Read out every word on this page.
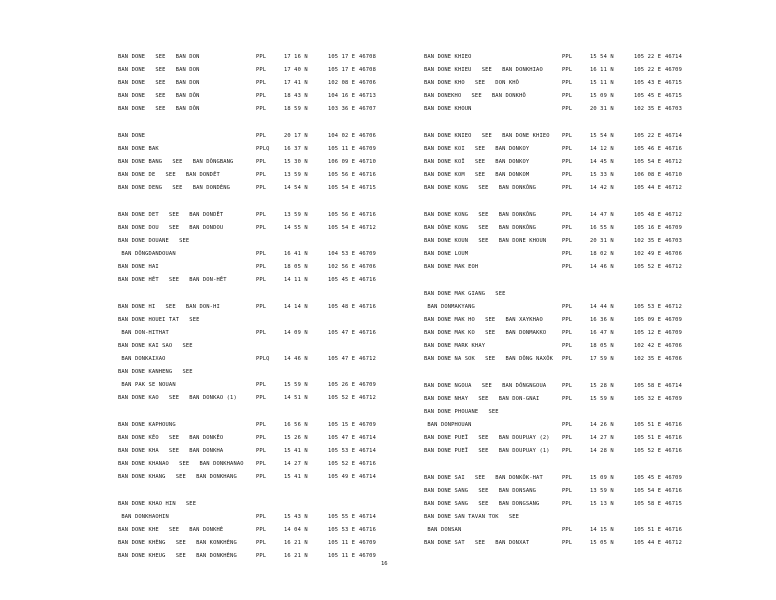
BAN DONE   SEE   BAN DON	PPL	17 16 N	105 17 E 46708
BAN DONE   SEE   BAN DON	PPL	17 40 N	105 17 E 46708
BAN DONE   SEE   BAN DON	PPL	17 41 N	102 08 E 46706
BAN DONE   SEE   BAN DÔN	PPL	18 43 N	104 16 E 46713
BAN DONE   SEE   BAN DÔN	PPL	18 59 N	103 36 E 46707
BAN DONE	PPL	20 17 N	104 02 E 46706
BAN DONE BAK	PPLQ	16 37 N	105 11 E 46709
BAN DONE BANG   SEE   BAN DÔNGBANG	PPL	15 30 N	106 09 E 46710
BAN DONE DE   SEE   BAN DONDÊT	PPL	13 59 N	105 56 E 46716
BAN DONE DENG   SEE   BAN DONDÈNG	PPL	14 54 N	105 54 E 46715
BAN DONE DET   SEE   BAN DONDÊT	PPL	13 59 N	105 56 E 46716
BAN DONE DOU   SEE   BAN DONDOU	PPL	14 55 N	105 54 E 46712
BAN DONE DOUANE   SEE
BAN DÔNGDANDOUAN	PPL	16 41 N	104 53 E 46709
BAN DONE HAI	PPL	18 05 N	102 56 E 46706
BAN DONE HÊT   SEE   BAN DON-HÊT	PPL	14 11 N	105 45 E 46716
BAN DONE HI   SEE   BAN DON-HI	PPL	14 14 N	105 48 E 46716
BAN DONE HOUEI TAT   SEE
BAN DON-HITHAT	PPL	14 09 N	105 47 E 46716
BAN DONE KAI SAO   SEE
BAN DONKAIXAO	PPLQ	14 46 N	105 47 E 46712
BAN DONE KANHENG   SEE
BAN PAK SE NOUAN	PPL	15 59 N	105 26 E 46709
BAN DONE KAO   SEE   BAN DONKAO (1)	PPL	14 51 N	105 52 E 46712
BAN DONE KAPHOUNG	PPL	16 56 N	105 15 E 46709
BAN DONE KÊO   SEE   BAN DONKÊO	PPL	15 26 N	105 47 E 46714
BAN DONE KHA   SEE   BAN DONKHA	PPL	15 41 N	105 53 E 46714
BAN DONE KHANAO   SEE   BAN DONKHANAO PPL	14 27 N	105 52 E 46716
BAN DONE KHANG   SEE   BAN DONKHANG	PPL	15 41 N	105 49 E 46714
BAN DONE KHAO HIN   SEE
BAN DONKHAOHIN	PPL	15 43 N	105 55 E 46714
BAN DONE KHE   SEE   BAN DONKHÈ	PPL	14 04 N	105 53 E 46716
BAN DONE KHÈNG   SEE   BAN KONKHÈNG	PPL	16 21 N	105 11 E 46709
BAN DONE KHEUG   SEE   BAN DONKHÈNG	PPL	16 21 N	105 11 E 46709
BAN DONE KHIEO	PPL	15 54 N	105 22 E 46714
BAN DONE KHIEU   SEE   BAN DONKHIAO	PPL	16 11 N	105 22 E 46709
BAN DONE KHO   SEE   DON KHÔ	PPL	15 11 N	105 43 E 46715
BAN DONEKHO   SEE   BAN DONKHÔ	PPL	15 09 N	105 45 E 46715
BAN DONE KHOUN	PPL	20 31 N	102 35 E 46703
BAN DONE KNIEO   SEE   BAN DONE KHIEO PPL	15 54 N	105 22 E 46714
BAN DONE KOI   SEE   BAN DONKOY	PPL	14 12 N	105 46 E 46716
BAN DONE KOÏ   SEE   BAN DONKOY	PPL	14 45 N	105 54 E 46712
BAN DONE KOM   SEE   BAN DONKOM	PPL	15 33 N	106 08 E 46710
BAN DONE KONG   SEE   BAN DONKÔNG	PPL	14 42 N	105 44 E 46712
BAN DONE KONG   SEE   BAN DONKÔNG	PPL	14 47 N	105 48 E 46712
BAN DÔNE KONG   SEE   BAN DONKÔNG	PPL	16 55 N	105 16 E 46709
BAN DONE KOUN   SEE   BAN DONE KHOUN	PPL	20 31 N	102 35 E 46703
BAN DONE LOUM	PPL	18 02 N	102 49 E 46706
BAN DONE MAK EOH	PPL	14 46 N	105 52 E 46712
BAN DONE MAK GIANG   SEE
BAN DONMAKYANG	PPL	14 44 N	105 53 E 46712
BAN DONE MAK HO   SEE   BAN XAYKHAO	PPL	16 36 N	105 09 E 46709
BAN DONE MAK KO   SEE   BAN DONMAKKO	PPL	16 47 N	105 12 E 46709
BAN DONE MARK KHAY	PPL	18 05 N	102 42 E 46706
BAN DONE NA SOK   SEE   BAN DÔNG NAXÔK PPL	17 59 N	102 35 E 46706
BAN DONE NGOUA   SEE   BAN DÔNGNGOUA	PPL	15 28 N	105 58 E 46714
BAN DONE NHAY   SEE   BAN DON-GNAI	PPL	15 59 N	105 32 E 46709
BAN DONE PHOUANE   SEE
BAN DONPHOUAN	PPL	14 26 N	105 51 E 46716
BAN DONE PUEÏ   SEE   BAN DOUPUAY (2) PPL	14 27 N	105 51 E 46716
BAN DONE PUEÏ   SEE   BAN DOUPUAY (1) PPL	14 28 N	105 52 E 46716
BAN DONE SAI   SEE   BAN DONKÔK-HAT	PPL	15 09 N	105 45 E 46709
BAN DONE SANG   SEE   BAN DONSANG	PPL	13 59 N	105 54 E 46716
BAN DONE SANG   SEE   BAN DONGSANG	PPL	15 13 N	105 58 E 46715
BAN DONE SAN TAVAN TOK   SEE
BAN DONSAN	PPL	14 15 N	105 51 E 46716
BAN DONE SAT   SEE   BAN DONXAT	PPL	15 05 N	105 44 E 46712
16
